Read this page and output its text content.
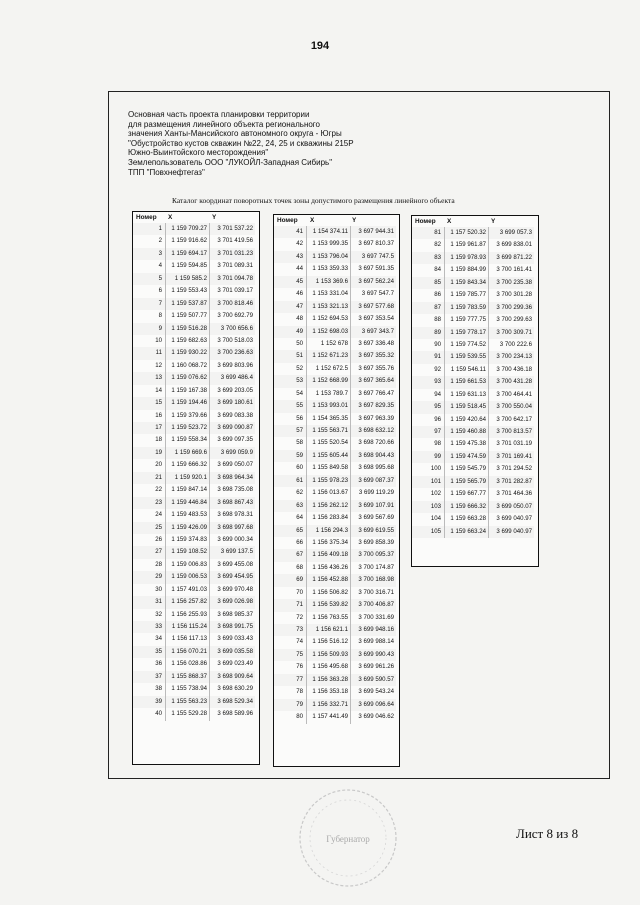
194
Основная часть проекта планировки территории
для размещения линейного объекта регионального
значения Ханты-Мансийского автономного округа - Югры
"Обустройство кустов скважин №22, 24, 25 и скважины 215Р
Южно-Выинтойского месторождения"
Землепользователь ООО "ЛУКОЙЛ-Западная Сибирь"
ТПП "Повхнефтегаз"
Каталог координат поворотных точек зоны допустимого размещения линейного объекта
Номер	X	Y
1	1 159 709.27	3 701 537.22
2	1 159 916.62	3 701 419.56
3	1 159 694.17	3 701 031.23
4	1 159 594.85	3 701 089.31
5	1 159 585.2	3 701 094.78
6	1 159 553.43	3 701 039.17
7	1 159 537.87	3 700 818.46
8	1 159 507.77	3 700 692.79
9	1 159 516.28	3 700 656.6
10	1 159 682.63	3 700 518.03
11	1 159 930.22	3 700 236.63
12	1 160 068.72	3 699 803.96
13	1 159 076.62	3 699 486.4
14	1 159 167.38	3 699 203.05
15	1 159 194.46	3 699 180.61
16	1 159 379.66	3 699 083.38
17	1 159 523.72	3 699 090.87
18	1 159 558.34	3 699 097.35
19	1 159 669.6	3 699 059.9
20	1 159 666.32	3 699 050.07
21	1 159 920.1	3 698 964.34
22	1 159 847.14	3 698 735.08
23	1 159 446.84	3 698 867.43
24	1 159 483.53	3 698 978.31
25	1 159 426.09	3 698 997.68
26	1 159 374.83	3 699 000.34
27	1 159 108.52	3 699 137.5
28	1 159 006.83	3 699 455.08
29	1 159 006.53	3 699 454.95
30	1 157 491.03	3 699 970.48
31	1 156 257.82	3 699 026.98
32	1 156 255.93	3 698 985.37
33	1 156 115.24	3 698 991.75
34	1 156 117.13	3 699 033.43
35	1 156 070.21	3 699 035.58
36	1 156 028.86	3 699 023.49
37	1 155 868.37	3 698 909.64
38	1 155 738.94	3 698 630.29
39	1 155 563.23	3 698 529.34
40	1 155 529.28	3 698 589.96
Номер	X	Y
41	1 154 374.11	3 697 944.31
42	1 153 999.35	3 697 810.37
43	1 153 796.04	3 697 747.5
44	1 153 359.33	3 697 591.35
45	1 153 369.6	3 697 562.24
46	1 153 331.04	3 697 547.7
47	1 153 321.13	3 697 577.68
48	1 152 694.53	3 697 353.54
49	1 152 698.03	3 697 343.7
50	1 152 678	3 697 336.48
51	1 152 671.23	3 697 355.32
52	1 152 672.5	3 697 355.76
53	1 152 668.99	3 697 365.64
54	1 153 789.7	3 697 766.47
55	1 153 993.01	3 697 829.35
56	1 154 365.35	3 697 963.39
57	1 155 563.71	3 698 632.12
58	1 155 520.54	3 698 720.66
59	1 155 605.44	3 698 904.43
60	1 155 849.58	3 698 995.68
61	1 155 978.23	3 699 087.37
62	1 156 013.67	3 699 119.29
63	1 156 262.12	3 699 107.91
64	1 156 283.84	3 699 567.69
65	1 156 294.3	3 699 619.55
66	1 156 375.34	3 699 858.39
67	1 156 409.18	3 700 095.37
68	1 156 436.26	3 700 174.87
69	1 156 452.88	3 700 168.98
70	1 156 506.82	3 700 316.71
71	1 156 539.82	3 700 406.87
72	1 156 763.55	3 700 331.69
73	1 156 621.1	3 699 948.16
74	1 156 516.12	3 699 988.14
75	1 156 509.93	3 699 990.43
76	1 156 495.68	3 699 961.26
77	1 156 363.28	3 699 590.57
78	1 156 353.18	3 699 543.24
79	1 156 332.71	3 699 096.64
80	1 157 441.49	3 699 046.62
Номер	X	Y
81	1 157 520.32	3 699 057.3
82	1 159 961.87	3 699 838.01
83	1 159 978.93	3 699 871.22
84	1 159 884.99	3 700 161.41
85	1 159 843.34	3 700 235.38
86	1 159 785.77	3 700 301.28
87	1 159 783.59	3 700 299.36
88	1 159 777.75	3 700 299.63
89	1 159 778.17	3 700 309.71
90	1 159 774.52	3 700 222.6
91	1 159 539.55	3 700 234.13
92	1 159 546.11	3 700 436.18
93	1 159 661.53	3 700 431.28
94	1 159 631.13	3 700 464.41
95	1 159 518.45	3 700 550.04
96	1 159 420.64	3 700 642.17
97	1 159 460.88	3 700 813.57
98	1 159 475.38	3 701 031.19
99	1 159 474.59	3 701 169.41
100	1 159 545.79	3 701 294.52
101	1 159 565.79	3 701 282.87
102	1 159 667.77	3 701 464.36
103	1 159 666.32	3 699 050.07
104	1 159 663.28	3 699 040.97
105	1 159 663.24	3 699 040.97
Лист 8 из 8
Губернатор
